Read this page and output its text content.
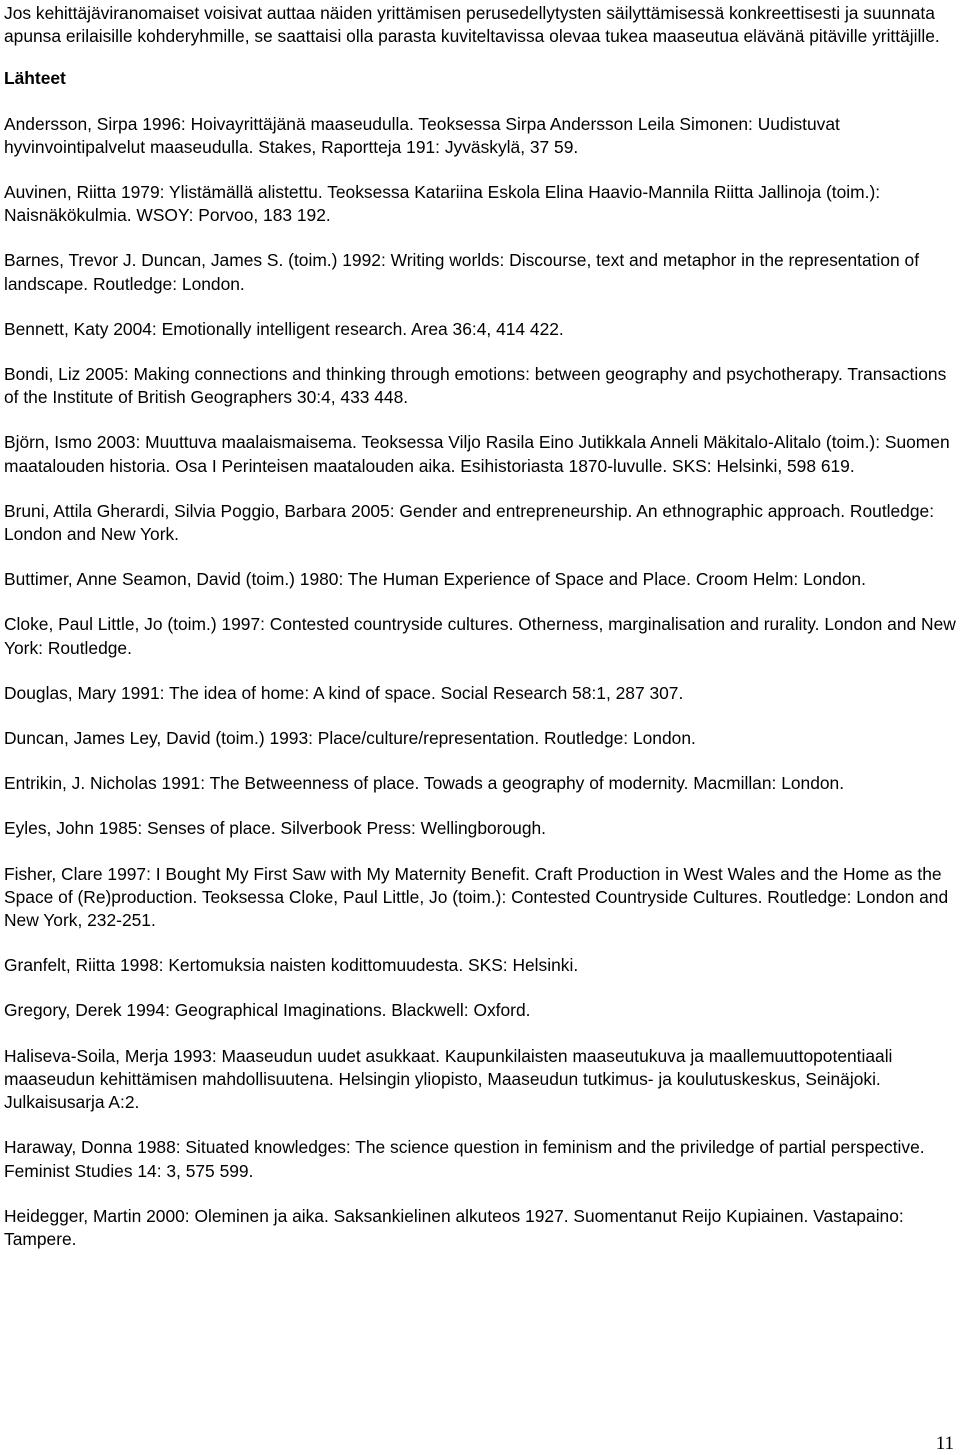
Jos kehittäjäviranomaiset voisivat auttaa näiden yrittämisen perusedellytysten säilyttämisessä konkreettisesti ja suunnata apunsa erilaisille kohderyhmille, se saattaisi olla parasta kuviteltavissa olevaa tukea maaseutua elävänä pitäville yrittäjille.

Lähteet

Andersson, Sirpa 1996: Hoivayrittäjänä maaseudulla. Teoksessa Sirpa Andersson Leila Simonen: Uudistuvat hyvinvointipalvelut maaseudulla. Stakes, Raportteja 191: Jyväskylä, 37 59.

Auvinen, Riitta 1979: Ylistämällä alistettu. Teoksessa Katariina Eskola Elina Haavio-Mannila Riitta Jallinoja (toim.): Naisnäkökulmia. WSOY: Porvoo, 183 192.

Barnes, Trevor J. Duncan, James S. (toim.) 1992: Writing worlds: Discourse, text and metaphor in the representation of landscape. Routledge: London.

Bennett, Katy 2004: Emotionally intelligent research. Area 36:4, 414 422.

Bondi, Liz 2005: Making connections and thinking through emotions: between geography and psychotherapy. Transactions of the Institute of British Geographers 30:4, 433 448.

Björn, Ismo 2003: Muuttuva maalaismaisema. Teoksessa Viljo Rasila Eino Jutikkala Anneli Mäkitalo-Alitalo (toim.): Suomen maatalouden historia. Osa I Perinteisen maatalouden aika. Esihistoriasta 1870-luvulle. SKS: Helsinki, 598 619.

Bruni, Attila Gherardi, Silvia Poggio, Barbara 2005: Gender and entrepreneurship. An ethnographic approach. Routledge: London and New York.

Buttimer, Anne Seamon, David (toim.) 1980: The Human Experience of Space and Place. Croom Helm: London.

Cloke, Paul Little, Jo (toim.) 1997: Contested countryside cultures. Otherness, marginalisation and rurality. London and New York: Routledge.

Douglas, Mary 1991: The idea of home: A kind of space. Social Research 58:1, 287 307.

Duncan, James Ley, David (toim.) 1993: Place/culture/representation. Routledge: London.

Entrikin, J. Nicholas 1991: The Betweenness of place. Towads a geography of modernity. Macmillan: London.

Eyles, John 1985: Senses of place. Silverbook Press: Wellingborough.

Fisher, Clare 1997: I Bought My First Saw with My Maternity Benefit. Craft Production in West Wales and the Home as the Space of (Re)production. Teoksessa Cloke, Paul Little, Jo (toim.): Contested Countryside Cultures. Routledge: London and New York, 232-251.

Granfelt, Riitta 1998: Kertomuksia naisten kodittomuudesta. SKS: Helsinki.

Gregory, Derek 1994: Geographical Imaginations. Blackwell: Oxford.

Haliseva-Soila, Merja 1993: Maaseudun uudet asukkaat. Kaupunkilaisten maaseutukuva ja maallemuuttopotentiaali maaseudun kehittämisen mahdollisuutena. Helsingin yliopisto, Maaseudun tutkimus- ja koulutuskeskus, Seinäjoki. Julkaisusarja A:2.

Haraway, Donna 1988: Situated knowledges: The science question in feminism and the priviledge of partial perspective. Feminist Studies 14: 3, 575 599.

Heidegger, Martin 2000: Oleminen ja aika. Saksankielinen alkuteos 1927. Suomentanut Reijo Kupiainen. Vastapaino: Tampere.

11
